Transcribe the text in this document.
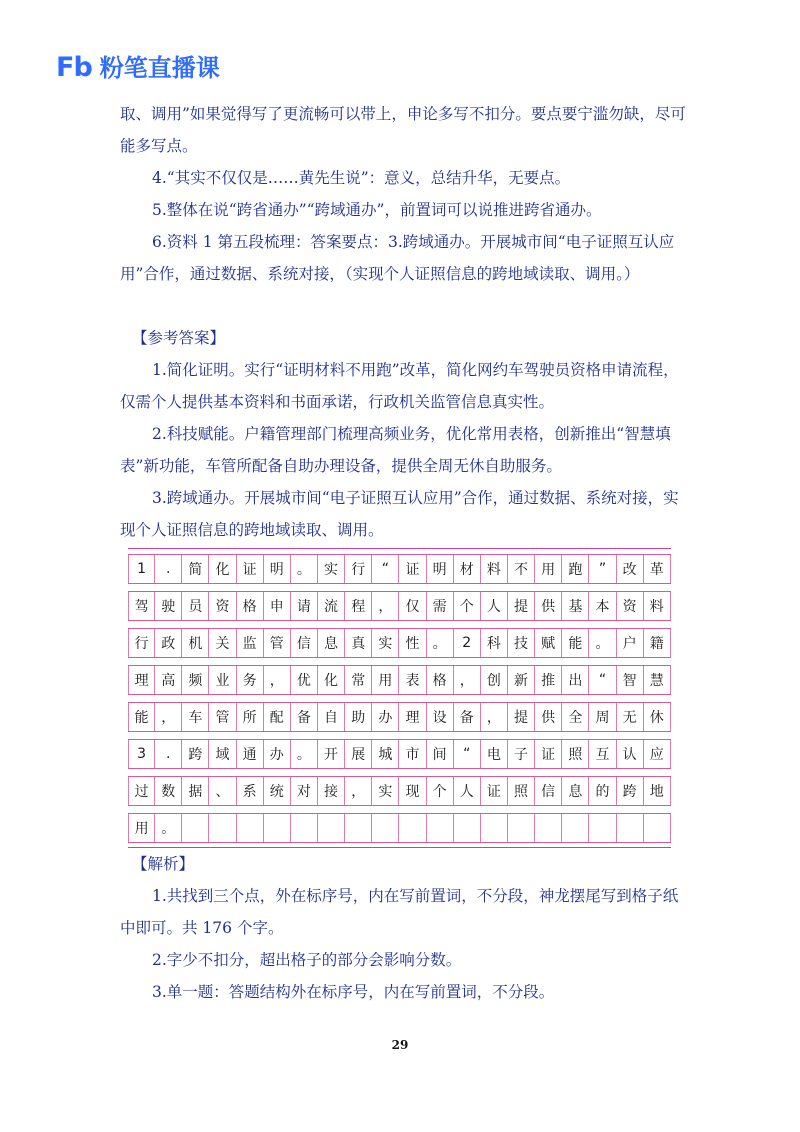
Fb 粉笔直播课

取、调用”如果觉得写了更流畅可以带上，申论多写不扣分。要点要宁滥勿缺，尽可能多写点。

4.“其实不仅仅是……黄先生说”：意义，总结升华，无要点。

5.整体在说“跨省通办”“跨域通办”，前置词可以说推进跨省通办。

6.资料 1 第五段梳理：答案要点：3.跨域通办。开展城市间“电子证照互认应用”合作，通过数据、系统对接，（实现个人证照信息的跨地域读取、调用。）

【参考答案】

1.简化证明。实行“证明材料不用跑”改革，简化网约车驾驶员资格申请流程，仅需个人提供基本资料和书面承诺，行政机关监管信息真实性。

2.科技赋能。户籍管理部门梳理高频业务，优化常用表格，创新推出“智慧填表”新功能，车管所配备自助办理设备，提供全周无休自助服务。

3.跨域通办。开展城市间“电子证照互认应用”合作，通过数据、系统对接，实现个人证照信息的跨地域读取、调用。

1	.	简 化 证 明 。 实 行	“	证 明 材 料 不 用 跑	”	改 革
驾 驶 员 资 格 申 请 流 程 ， 仅 需 个 人 提 供 基 本 资 料
行 政 机 关 监 管 信 息 真 实 性 。	2	科 技 赋 能 。 户 籍
理 高 频 业 务 ， 优 化 常 用 表 格 ， 创 新 推 出	“	智 慧
能 ， 车 管 所 配 备 自 助 办 理 设 备 ， 提 供 全 周 无 休
3	.	跨 域 通 办 。 开 展 城 市 间	“	电 子 证 照 互 认 应
过 数 据 、 系 统 对 接 ， 实 现 个 人 证 照 信 息 的 跨 地
用 。

【解析】

1.共找到三个点，外在标序号，内在写前置词，不分段，神龙摆尾写到格子纸中即可。共 176 个字。

2.字少不扣分，超出格子的部分会影响分数。

3.单一题：答题结构外在标序号，内在写前置词，不分段。

29
